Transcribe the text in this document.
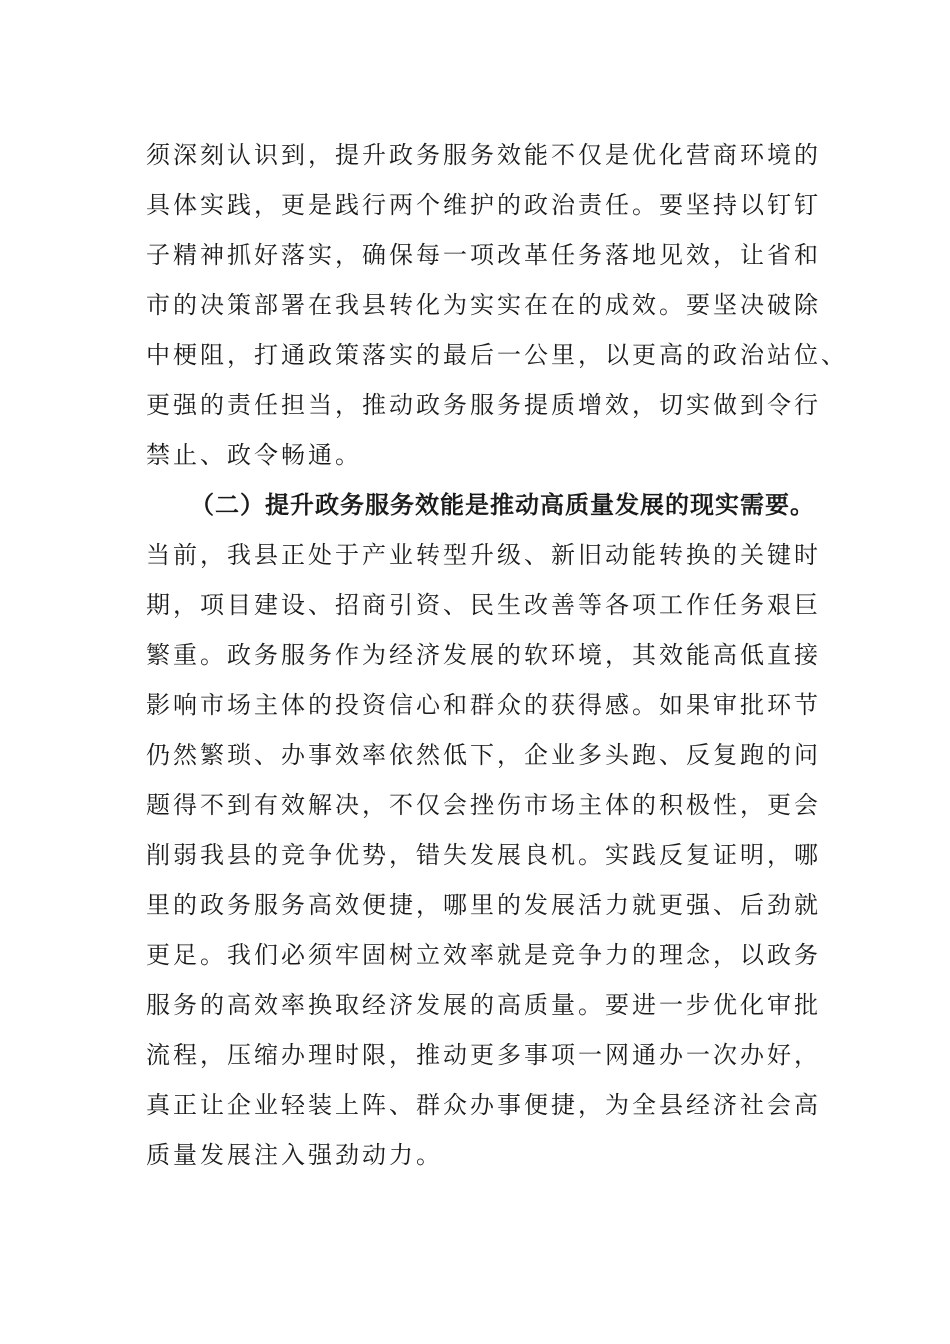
须深刻认识到，提升政务服务效能不仅是优化营商环境的
具体实践，更是践行两个维护的政治责任。要坚持以钉钉
子精神抓好落实，确保每一项改革任务落地见效，让省和
市的决策部署在我县转化为实实在在的成效。要坚决破除
中梗阻，打通政策落实的最后一公里，以更高的政治站位、
更强的责任担当，推动政务服务提质增效，切实做到令行
禁止、政令畅通。
（二）提升政务服务效能是推动高质量发展的现实需要。
当前，我县正处于产业转型升级、新旧动能转换的关键时
期，项目建设、招商引资、民生改善等各项工作任务艰巨
繁重。政务服务作为经济发展的软环境，其效能高低直接
影响市场主体的投资信心和群众的获得感。如果审批环节
仍然繁琐、办事效率依然低下，企业多头跑、反复跑的问
题得不到有效解决，不仅会挫伤市场主体的积极性，更会
削弱我县的竞争优势，错失发展良机。实践反复证明，哪
里的政务服务高效便捷，哪里的发展活力就更强、后劲就
更足。我们必须牢固树立效率就是竞争力的理念，以政务
服务的高效率换取经济发展的高质量。要进一步优化审批
流程，压缩办理时限，推动更多事项一网通办一次办好，
真正让企业轻装上阵、群众办事便捷，为全县经济社会高
质量发展注入强劲动力。
